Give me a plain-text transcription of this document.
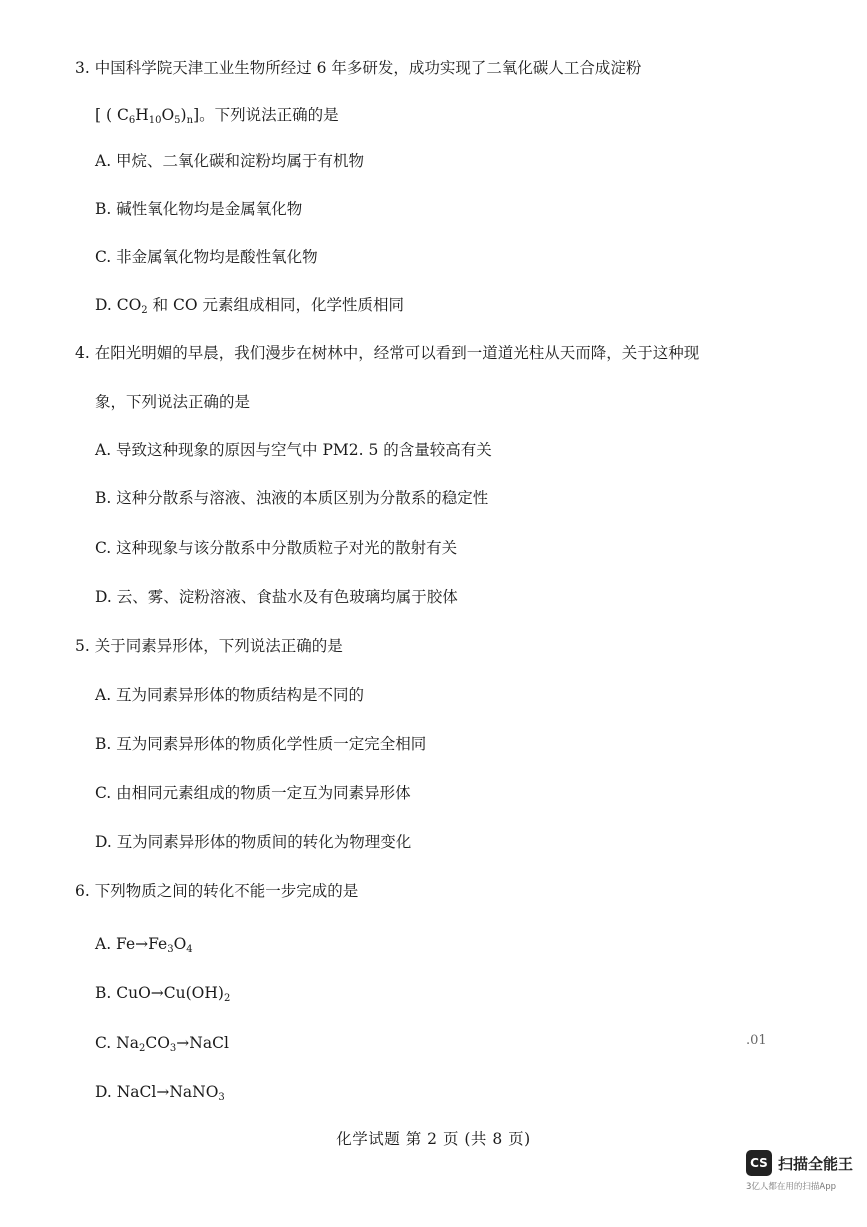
3. 中国科学院天津工业生物所经过 6 年多研发，成功实现了二氧化碳人工合成淀粉
[ ( $C_6H_{10}O_5)_n$]。下列说法正确的是
A. 甲烷、二氧化碳和淀粉均属于有机物
B. 碱性氧化物均是金属氧化物
C. 非金属氧化物均是酸性氧化物
D. $CO_2$ 和 CO 元素组成相同，化学性质相同
4. 在阳光明媚的早晨，我们漫步在树林中，经常可以看到一道道光柱从天而降，关于这种现
象，下列说法正确的是
A. 导致这种现象的原因与空气中 PM2. 5 的含量较高有关
B. 这种分散系与溶液、浊液的本质区别为分散系的稳定性
C. 这种现象与该分散系中分散质粒子对光的散射有关
D. 云、雾、淀粉溶液、食盐水及有色玻璃均属于胶体
5. 关于同素异形体，下列说法正确的是
A. 互为同素异形体的物质结构是不同的
B. 互为同素异形体的物质化学性质一定完全相同
C. 由相同元素组成的物质一定互为同素异形体
D. 互为同素异形体的物质间的转化为物理变化
6. 下列物质之间的转化不能一步完成的是
A. $Fe\to Fe_3O_4$
B. $CuO\to Cu(OH)_2$
C. $Na_2CO_3\to NaCl$
D. NaCl→NaNO$_3$
.01
化学试题 第 2 页 (共 8 页)
CS 扫描全能王
3亿人都在用的扫描App
